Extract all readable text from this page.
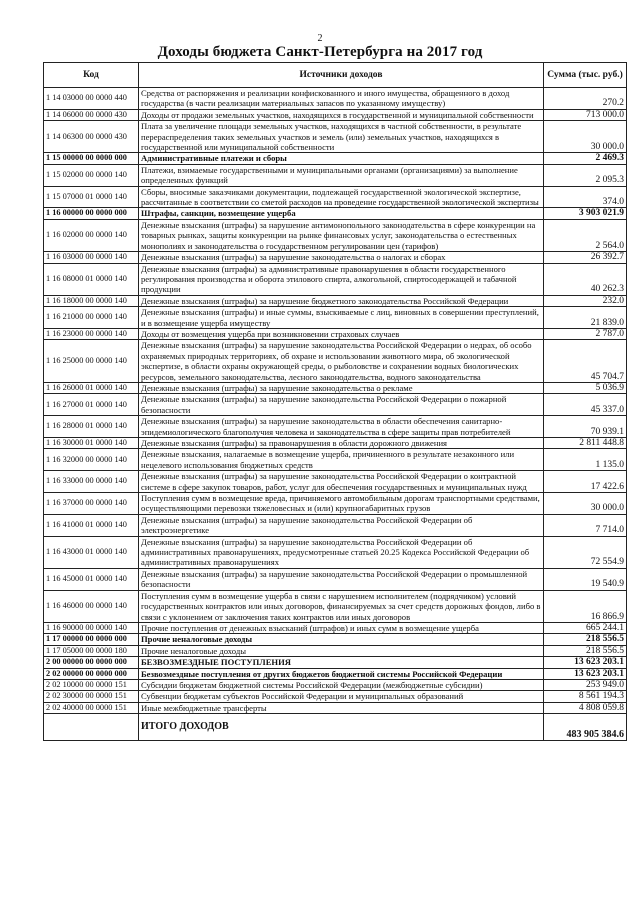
2
Доходы бюджета Санкт-Петербурга на 2017 год
Код	Источники доходов	Сумма (тыс. руб.)
1 14 03000 00 0000 440	Средства от распоряжения и реализации конфискованного и иного имущества, обращенного в доход государства (в части реализации материальных запасов по указанному имуществу)	270.2
1 14 06000 00 0000 430	Доходы от продажи земельных участков, находящихся в государственной и муниципальной собственности	713 000.0
1 14 06300 00 0000 430	Плата за увеличение площади земельных участков, находящихся в частной собственности, в результате перераспределения таких земельных участков и земель (или) земельных участков, находящихся в государственной или муниципальной собственности	30 000.0
1 15 00000 00 0000 000	Административные платежи и сборы	2 469.3
1 15 02000 00 0000 140	Платежи, взимаемые государственными и муниципальными органами (организациями) за выполнение определенных функций	2 095.3
1 15 07000 01 0000 140	Сборы, вносимые заказчиками документации, подлежащей государственной экологической экспертизе, рассчитанные в соответствии со сметой расходов на проведение государственной экологической экспертизы	374.0
1 16 00000 00 0000 000	Штрафы, санкции, возмещение ущерба	3 903 021.9
1 16 02000 00 0000 140	Денежные взыскания (штрафы) за нарушение антимонопольного законодательства в сфере конкуренции на товарных рынках, защиты конкуренции на рынке финансовых услуг, законодательства о естественных монополиях и законодательства о государственном регулировании цен (тарифов)	2 564.0
1 16 03000 00 0000 140	Денежные взыскания (штрафы) за нарушение законодательства о налогах и сборах	26 392.7
1 16 08000 01 0000 140	Денежные взыскания (штрафы) за административные правонарушения в области государственного регулирования производства и оборота этилового спирта, алкогольной, спиртосодержащей и табачной продукции	40 262.3
1 16 18000 00 0000 140	Денежные взыскания (штрафы) за нарушение бюджетного законодательства Российской Федерации	232.0
1 16 21000 00 0000 140	Денежные взыскания (штрафы) и иные суммы, взыскиваемые с лиц, виновных в совершении преступлений, и в возмещение ущерба имуществу	21 839.0
1 16 23000 00 0000 140	Доходы от возмещения ущерба при возникновении страховых случаев	2 787.0
1 16 25000 00 0000 140	Денежные взыскания (штрафы) за нарушение законодательства Российской Федерации о недрах, об особо охраняемых природных территориях, об охране и использовании животного мира, об экологической экспертизе, в области охраны окружающей среды, о рыболовстве и сохранении водных биологических ресурсов, земельного законодательства, лесного законодательства, водного законодательства	45 704.7
1 16 26000 01 0000 140	Денежные взыскания (штрафы) за нарушение законодательства о рекламе	5 036.9
1 16 27000 01 0000 140	Денежные взыскания (штрафы) за нарушение законодательства Российской Федерации о пожарной безопасности	45 337.0
1 16 28000 01 0000 140	Денежные взыскания (штрафы) за нарушение законодательства в области обеспечения санитарно-эпидемиологического благополучия человека и законодательства в сфере защиты прав потребителей	70 939.1
1 16 30000 01 0000 140	Денежные взыскания (штрафы) за правонарушения в области дорожного движения	2 811 448.8
1 16 32000 00 0000 140	Денежные взыскания, налагаемые в возмещение ущерба, причиненного в результате незаконного или нецелевого использования бюджетных средств	1 135.0
1 16 33000 00 0000 140	Денежные взыскания (штрафы) за нарушение законодательства Российской Федерации о контрактной системе в сфере закупок товаров, работ, услуг для обеспечения государственных и муниципальных нужд	17 422.6
1 16 37000 00 0000 140	Поступления сумм в возмещение вреда, причиняемого автомобильным дорогам транспортными средствами, осуществляющими перевозки тяжеловесных и (или) крупногабаритных грузов	30 000.0
1 16 41000 01 0000 140	Денежные взыскания (штрафы) за нарушение законодательства Российской Федерации об электроэнергетике	7 714.0
1 16 43000 01 0000 140	Денежные взыскания (штрафы) за нарушение законодательства Российской Федерации об административных правонарушениях, предусмотренные статьей 20.25 Кодекса Российской Федерации об административных правонарушениях	72 554.9
1 16 45000 01 0000 140	Денежные взыскания (штрафы) за нарушение законодательства Российской Федерации о промышленной безопасности	19 540.9
1 16 46000 00 0000 140	Поступления сумм в возмещение ущерба в связи с нарушением исполнителем (подрядчиком) условий государственных контрактов или иных договоров, финансируемых за счет средств дорожных фондов, либо в связи с уклонением от заключения таких контрактов или иных договоров	16 866.9
1 16 90000 00 0000 140	Прочие поступления от денежных взысканий (штрафов) и иных сумм в возмещение ущерба	665 244.1
1 17 00000 00 0000 000	Прочие неналоговые доходы	218 556.5
1 17 05000 00 0000 180	Прочие неналоговые доходы	218 556.5
2 00 00000 00 0000 000	БЕЗВОЗМЕЗДНЫЕ ПОСТУПЛЕНИЯ	13 623 203.1
2 02 00000 00 0000 000	Безвозмездные поступления от других бюджетов бюджетной системы Российской Федерации	13 623 203.1
2 02 10000 00 0000 151	Субсидии бюджетам бюджетной системы Российской Федерации (межбюджетные субсидии)	253 949.0
2 02 30000 00 0000 151	Субвенции бюджетам субъектов Российской Федерации и муниципальных образований	8 561 194.3
2 02 40000 00 0000 151	Иные межбюджетные трансферты	4 808 059.8
	ИТОГО ДОХОДОВ	483 905 384.6
